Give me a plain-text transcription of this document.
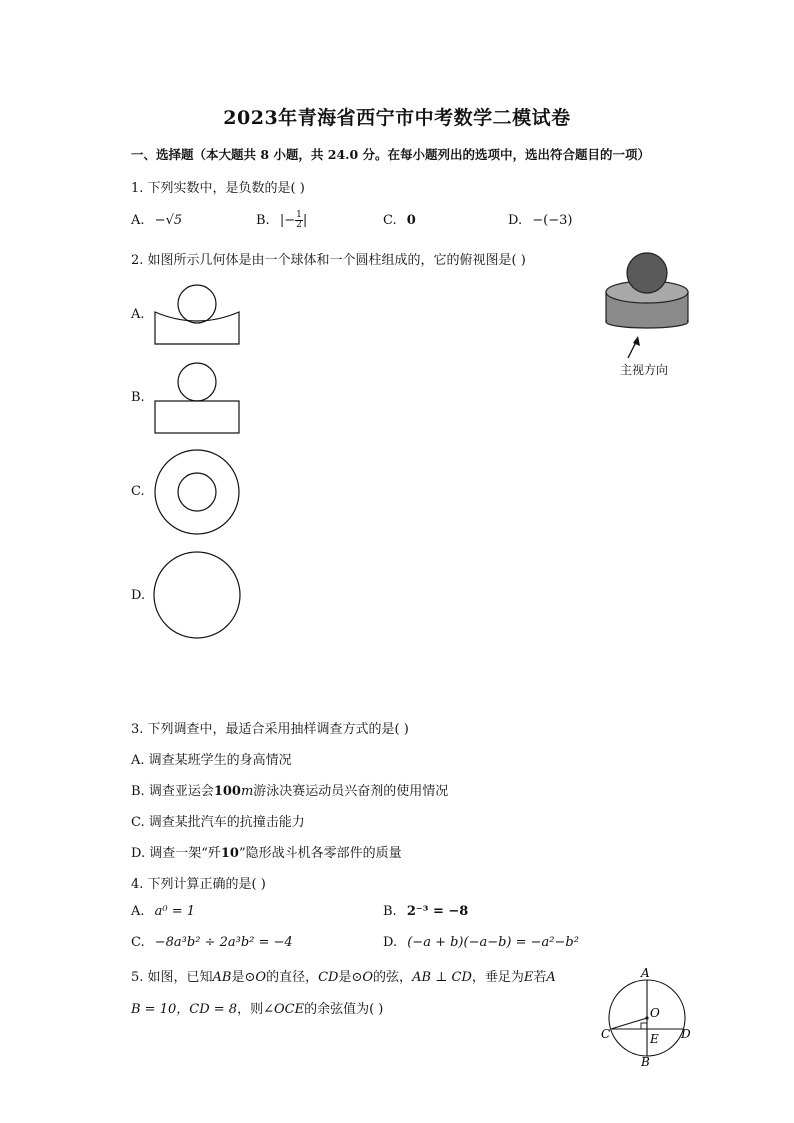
2023年青海省西宁市中考数学二模试卷
一、选择题（本大题共 8 小题，共 24.0 分。在每小题列出的选项中，选出符合题目的一项）
1. 下列实数中，是负数的是( )
A. −√5	B. |− $\frac{1}{2}$ |	C. 0	D. −(−3)
2. 如图所示几何体是由一个球体和一个圆柱组成的，它的俯视图是( )
主视方向
A.
B.
C.
D.
3. 下列调查中，最适合采用抽样调查方式的是( )
A. 调查某班学生的身高情况
B. 调查亚运会100m游泳决赛运动员兴奋剂的使用情况
C. 调查某批汽车的抗撞击能力
D. 调查一架“歼10”隐形战斗机各零部件的质量
4. 下列计算正确的是( )
A. a⁰ = 1	B. 2⁻³ = −8
C. −8a³b² ÷ 2a³b² = −4	D. (−a + b)(−a−b) = −a²−b²
5. 如图，已知AB是⊙O的直径，CD是⊙O的弦，AB ⊥ CD，垂足为E若A
B = 10，CD = 8，则∠OCE的余弦值为( )
A
O
C	D
E
B
